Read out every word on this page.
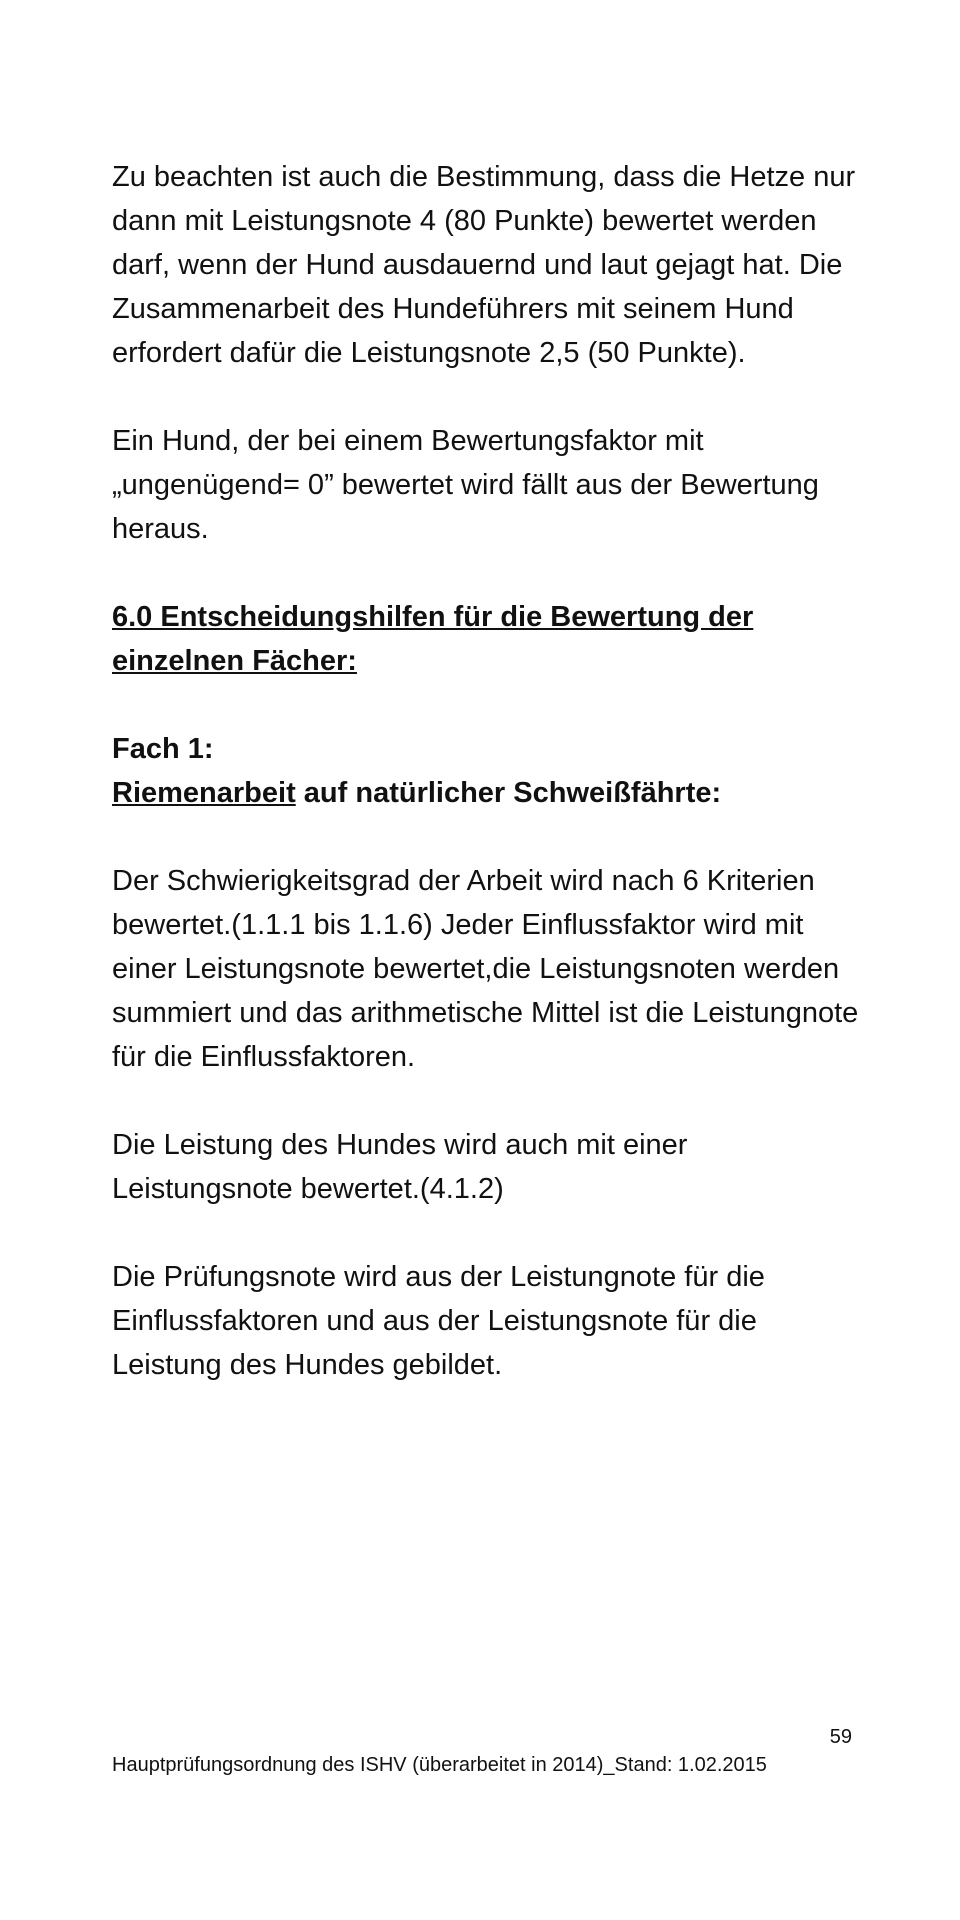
Zu beachten ist auch die Bestimmung, dass die Hetze nur dann mit Leistungsnote 4 (80 Punkte) bewertet werden darf, wenn der Hund ausdauernd und laut gejagt hat. Die Zusammenarbeit des Hundeführers mit seinem Hund erfordert dafür die Leistungsnote 2,5 (50 Punkte).

Ein Hund, der bei einem Bewertungsfaktor mit „ungenügend= 0” bewertet wird fällt aus der Bewertung heraus.

6.0 Entscheidungshilfen für die Bewertung der einzelnen Fächer:

Fach 1:

Riemenarbeit auf natürlicher Schweißfährte:

Der Schwierigkeitsgrad der Arbeit wird nach 6 Kriterien bewertet.(1.1.1 bis 1.1.6) Jeder Einflussfaktor wird mit einer Leistungsnote bewertet,die Leistungsnoten werden summiert und das arithmetische Mittel ist die Leistungnote für die Einflussfaktoren.

Die Leistung des Hundes wird auch mit einer Leistungsnote bewertet.(4.1.2)

Die Prüfungsnote wird aus der Leistungnote für die Einflussfaktoren und aus der Leistungsnote für die Leistung des Hundes gebildet.

59
Hauptprüfungsordnung des ISHV (überarbeitet in 2014)_Stand: 1.02.2015
